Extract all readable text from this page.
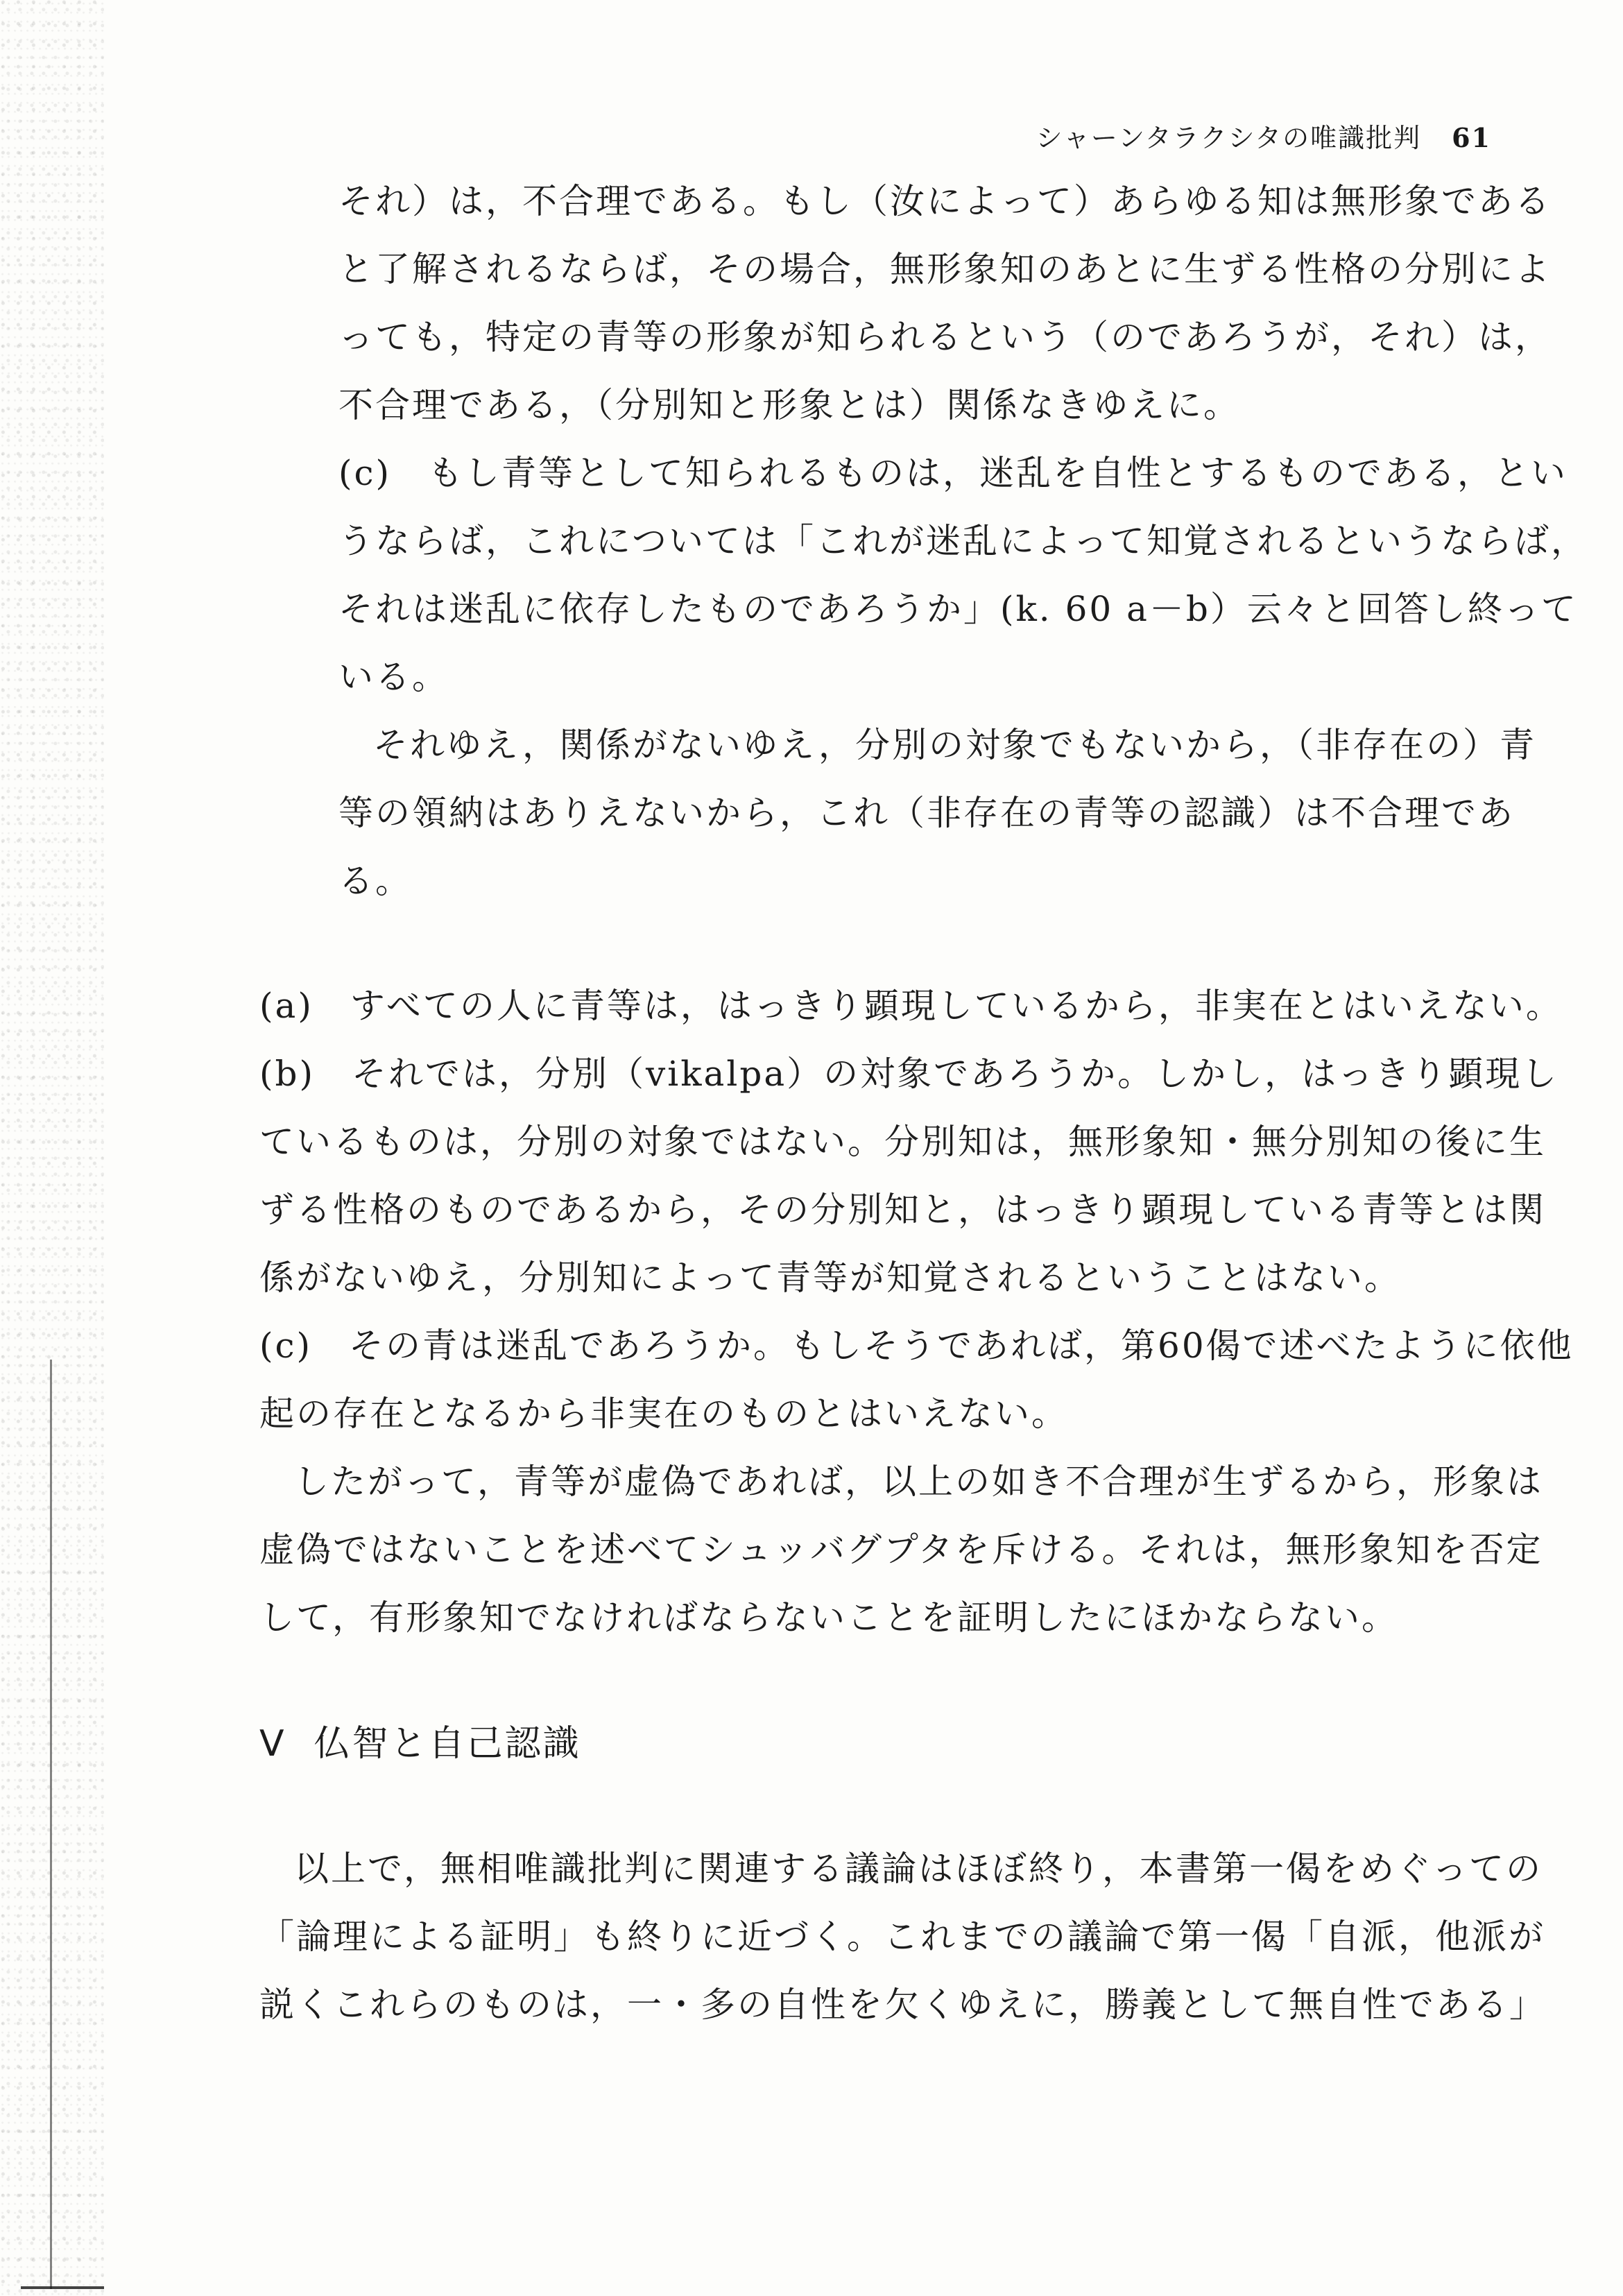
シャーンタラクシタの唯識批判 61
それ）は，不合理である。もし（汝によって）あらゆる知は無形象である
と了解されるならば，その場合，無形象知のあとに生ずる性格の分別によ
っても，特定の青等の形象が知られるという（のであろうが，それ）は，
不合理である，（分別知と形象とは）関係なきゆえに。
(c)　もし青等として知られるものは，迷乱を自性とするものである，とい
うならば，これについては「これが迷乱によって知覚されるというならば，
それは迷乱に依存したものであろうか」(k. 60 a－b）云々と回答し終って
いる。
それゆえ，関係がないゆえ，分別の対象でもないから，（非存在の）青
等の領納はありえないから，これ（非存在の青等の認識）は不合理であ
る。
(a)　すべての人に青等は，はっきり顕現しているから，非実在とはいえない。
(b)　それでは，分別（vikalpa）の対象であろうか。しかし，はっきり顕現し
ているものは，分別の対象ではない。分別知は，無形象知・無分別知の後に生
ずる性格のものであるから，その分別知と，はっきり顕現している青等とは関
係がないゆえ，分別知によって青等が知覚されるということはない。
(c)　その青は迷乱であろうか。もしそうであれば，第60偈で述べたように依他
起の存在となるから非実在のものとはいえない。
したがって，青等が虚偽であれば，以上の如き不合理が生ずるから，形象は
虚偽ではないことを述べてシュッバグプタを斥ける。それは，無形象知を否定
して，有形象知でなければならないことを証明したにほかならない。
V 仏智と自己認識
以上で，無相唯識批判に関連する議論はほぼ終り，本書第一偈をめぐっての
「論理による証明」も終りに近づく。これまでの議論で第一偈「自派，他派が
説くこれらのものは，一・多の自性を欠くゆえに，勝義として無自性である」
